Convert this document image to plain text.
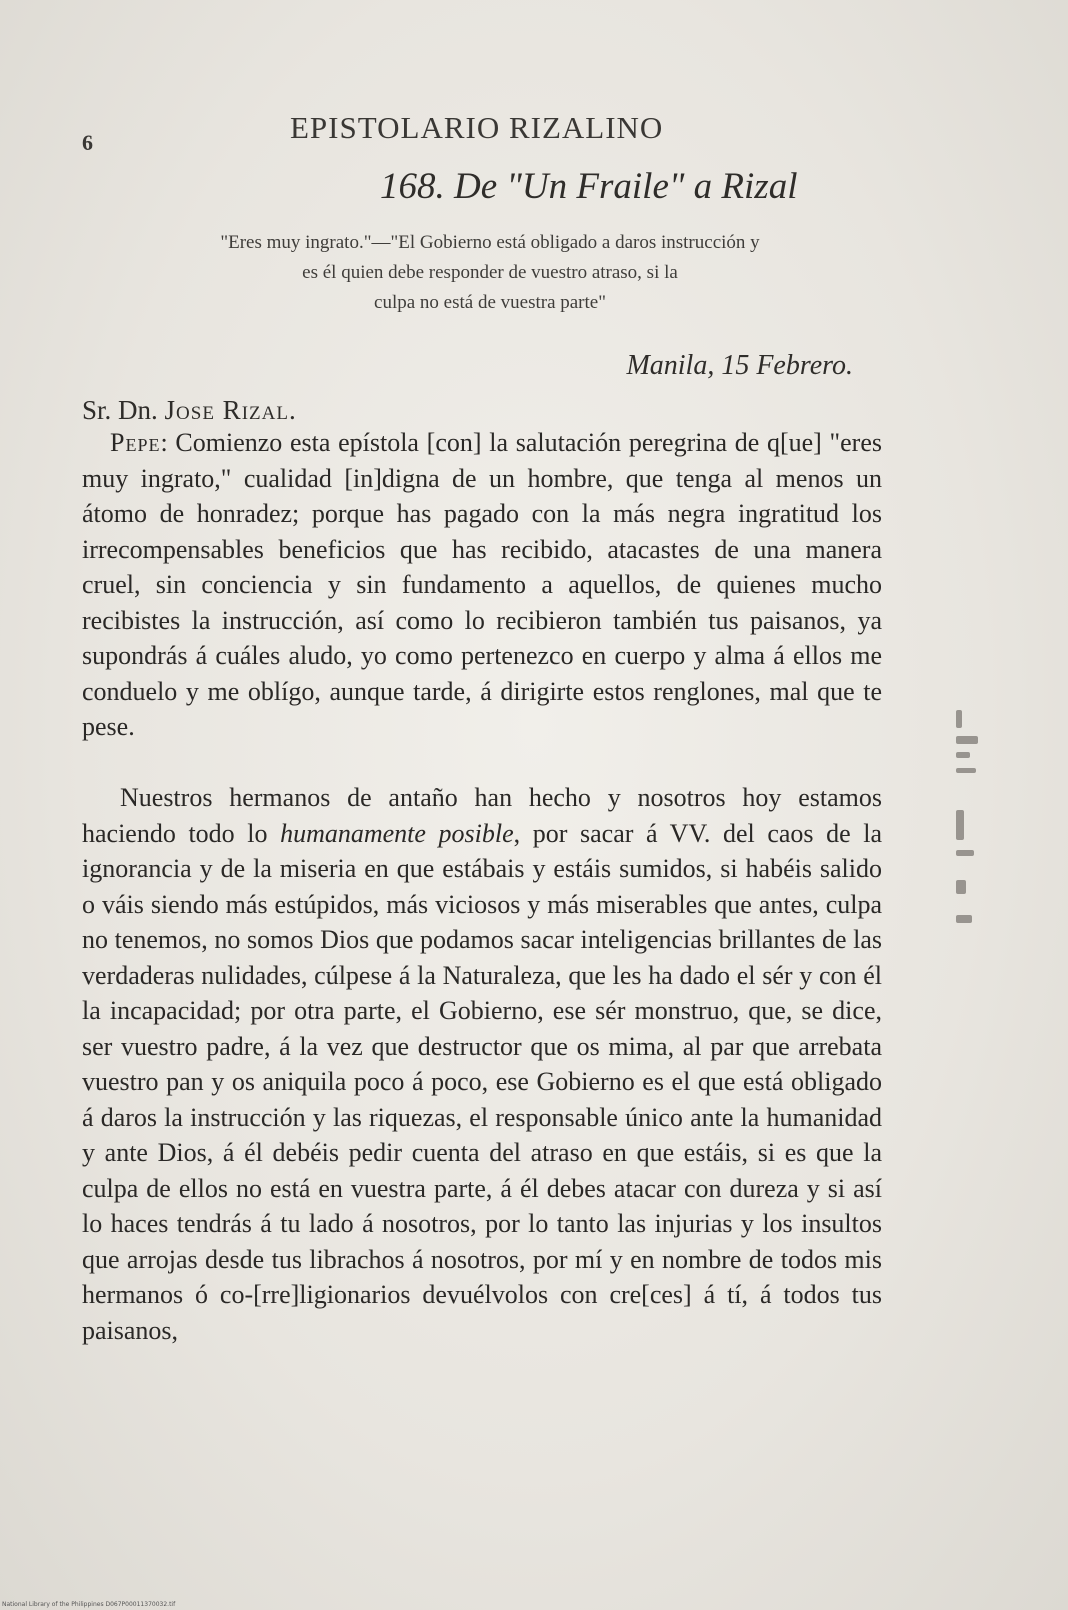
6	EPISTOLARIO RIZALINO
168. De "Un Fraile" a Rizal
"Eres muy ingrato."—"El Gobierno está obligado a daros instrucción y
es él quien debe responder de vuestro atraso, si la
culpa no está de vuestra parte"
Manila, 15 Febrero.
Sr. Dn. Jose Rizal.
Pepe: Comienzo esta epístola [con] la salutación peregrina de q[ue] "eres muy ingrato," cualidad [in]digna de un hombre, que tenga al menos un átomo de honradez; porque has pagado con la más negra ingratitud los irrecompensables beneficios que has recibido, atacastes de una manera cruel, sin conciencia y sin fundamento a aquellos, de quienes mucho recibistes la instrucción, así como lo recibieron también tus paisanos, ya supondrás á cuáles aludo, yo como pertenezco en cuerpo y alma á ellos me conduelo y me oblígo, aunque tarde, á dirigirte estos renglones, mal que te pese.
Nuestros hermanos de antaño han hecho y nosotros hoy estamos haciendo todo lo humanamente posible, por sacar á VV. del caos de la ignorancia y de la miseria en que estábais y estáis sumidos, si habéis salido o váis siendo más estúpidos, más viciosos y más miserables que antes, culpa no tenemos, no somos Dios que podamos sacar inteligencias brillantes de las verdaderas nulidades, cúlpese á la Naturaleza, que les ha dado el sér y con él la incapacidad; por otra parte, el Gobierno, ese sér monstruo, que, se dice, ser vuestro padre, á la vez que destructor que os mima, al par que arrebata vuestro pan y os aniquila poco á poco, ese Gobierno es el que está obligado á daros la instrucción y las riquezas, el responsable único ante la humanidad y ante Dios, á él debéis pedir cuenta del atraso en que estáis, si es que la culpa de ellos no está en vuestra parte, á él debes atacar con dureza y si así lo haces tendrás á tu lado á nosotros, por lo tanto las injurias y los insultos que arrojas desde tus librachos á nosotros, por mí y en nombre de todos mis hermanos ó co-[rre]ligionarios devuélvolos con cre[ces] á tí, á todos tus paisanos,
National Library of the Philippines D067P00011370032.tif
